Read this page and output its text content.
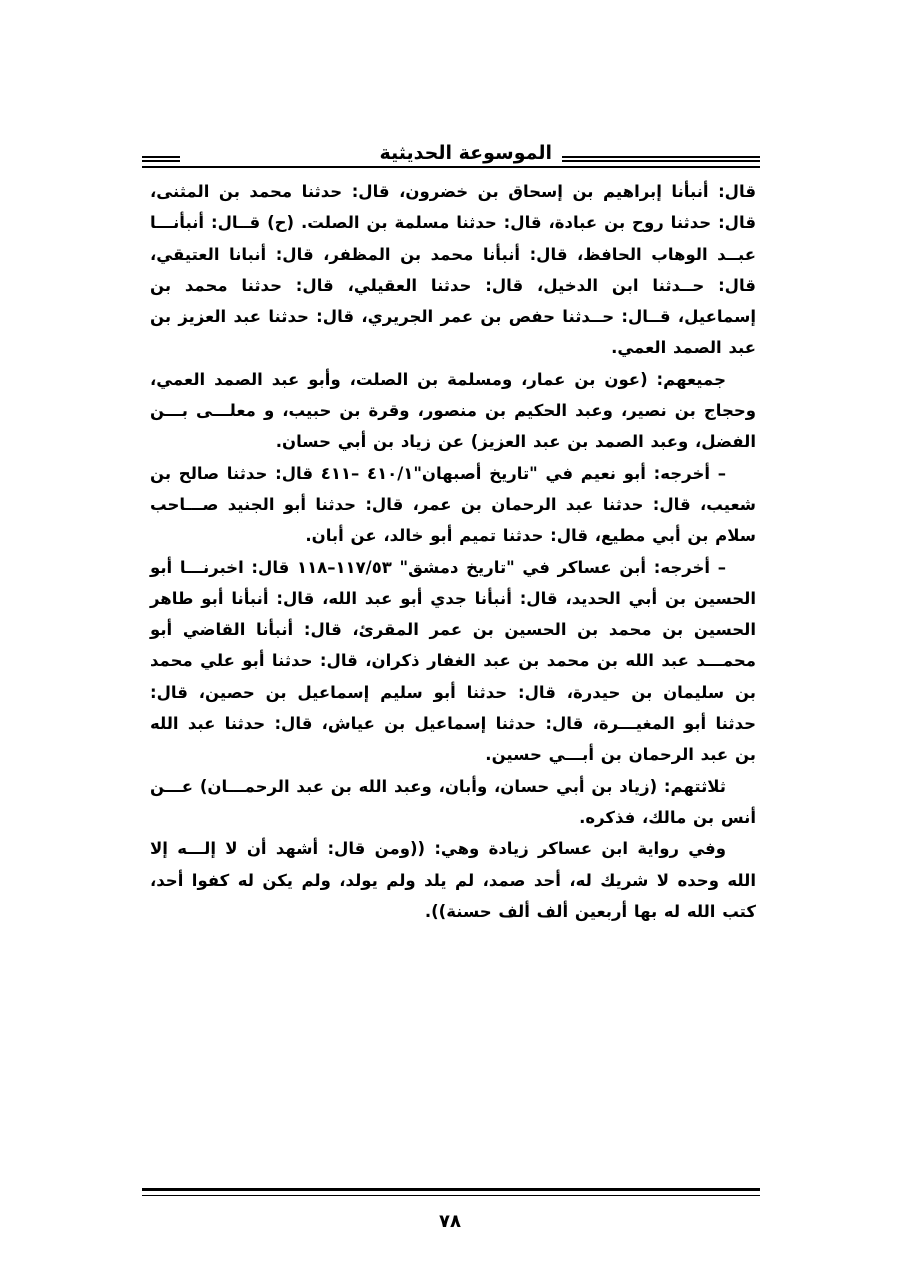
الموسوعة الحديثية

قال: أنبأنا إبراهيم بن إسحاق بن خضرون، قال: حدثنا محمد بن المثنى، قال: حدثنا روح بن عبادة، قال: حدثنا مسلمة بن الصلت. (ح) قــال: أنبأنـــا عبــد الوهاب الحافظ، قال: أنبأنا محمد بن المظفر، قال: أنبانا العتيقي، قال: حــدثنا ابن الدخيل، قال: حدثنا العقيلي، قال: حدثنا محمد بن إسماعيل، قــال: حــدثنا حفص بن عمر الجريري، قال: حدثنا عبد العزيز بن عبد الصمد العمي.

جميعهم: (عون بن عمار، ومسلمة بن الصلت، وأبو عبد الصمد العمي، وحجاج بن نصير، وعبد الحكيم بن منصور، وقرة بن حبيب، و معلـــى بـــن الفضل، وعبد الصمد بن عبد العزيز) عن زياد بن أبي حسان.

– أخرجه: أبو نعيم في "تاريخ أصبهان"٤١٠/١ –٤١١ قال: حدثنا صالح بن شعيب، قال: حدثنا عبد الرحمان بن عمر، قال: حدثنا أبو الجنيد صـــاحب سلام بن أبي مطيع، قال: حدثنا تميم أبو خالد، عن أبان.

– أخرجه: أبن عساكر في "تاريخ دمشق" ١١٧/٥٣–١١٨ قال: اخبرنـــا أبو الحسين بن أبي الحديد، قال: أنبأنا جدي أبو عبد الله، قال: أنبأنا أبو طاهر الحسين بن محمد بن الحسين بن عمر المقرئ، قال: أنبأنا القاضي أبو محمـــد عبد الله بن محمد بن عبد الغفار ذكران، قال: حدثنا أبو علي محمد بن سليمان بن حيدرة، قال: حدثنا أبو سليم إسماعيل بن حصين، قال: حدثنا أبو المغيـــرة، قال: حدثنا إسماعيل بن عياش، قال: حدثنا عبد الله بن عبد الرحمان بن أبـــي حسين.

ثلاثتهم: (زياد بن أبي حسان، وأبان، وعبد الله بن عبد الرحمـــان) عـــن أنس بن مالك، فذكره.

وفي رواية ابن عساكر زيادة وهي: ((ومن قال: أشهد أن لا إلـــه إلا الله وحده لا شريك له، أحد صمد، لم يلد ولم يولد، ولم يكن له كفوا أحد، كتب الله له بها أربعين ألف ألف حسنة)).

٧٨
